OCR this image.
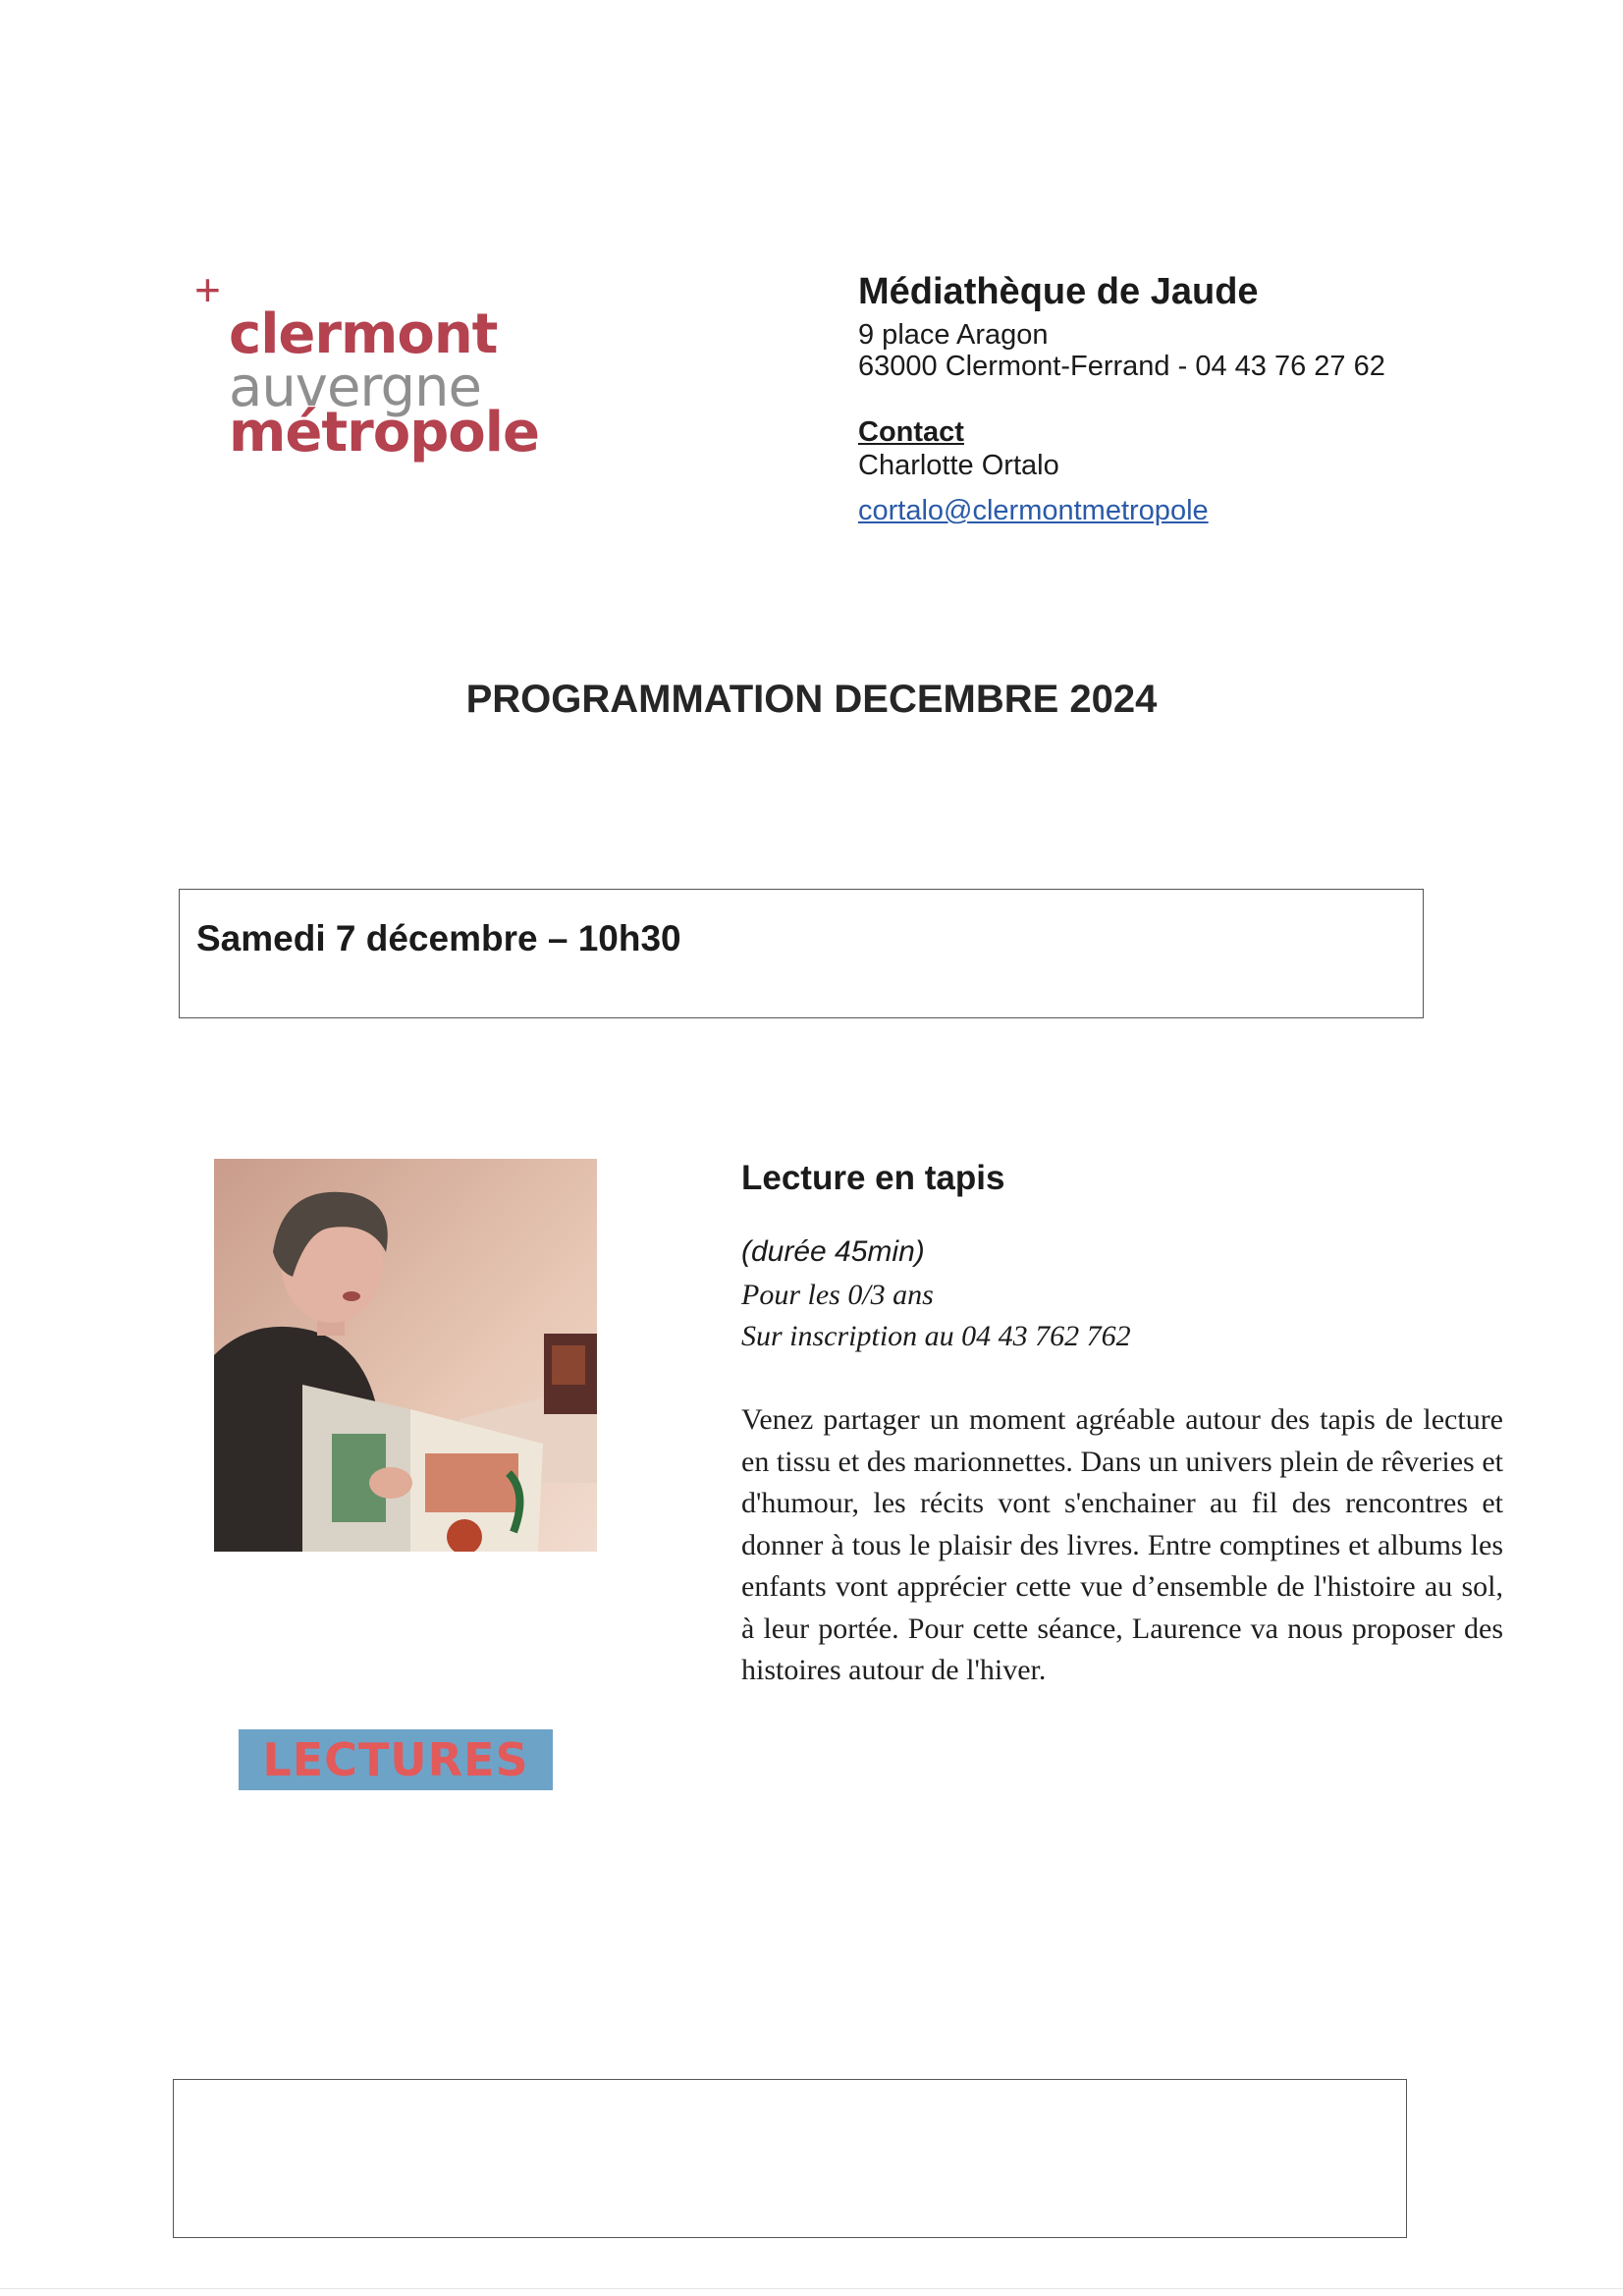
+
clermont
auvergne
métropole
Médiathèque de Jaude
9 place Aragon
63000 Clermont-Ferrand - 04 43 76 27 62
Contact
Charlotte Ortalo
cortalo@clermontmetropole
PROGRAMMATION DECEMBRE 2024
Samedi 7 décembre – 10h30
LECTURES
Lecture en tapis
(durée 45min)
Pour les 0/3 ans
Sur inscription au 04 43 762 762
Venez partager un moment agréable autour des tapis de lecture en tissu et des marionnettes. Dans un univers plein de rêveries et d'humour, les récits vont s'enchainer au fil des rencontres et donner à tous le plaisir des livres. Entre comptines et albums les enfants vont apprécier cette vue d’ensemble de l'histoire au sol, à leur portée. Pour cette séance, Laurence va nous proposer des histoires autour de l'hiver.
